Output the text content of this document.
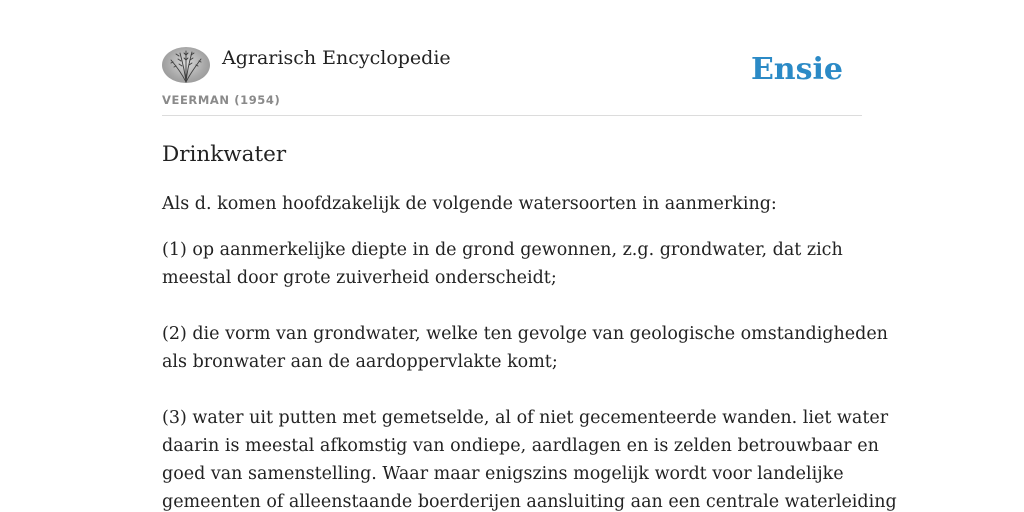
Agrarisch Encyclopedie
VEERMAN (1954)
Ensie
Drinkwater

Als d. komen hoofdzakelijk de volgende watersoorten in aanmerking:

(1) op aanmerkelijke diepte in de grond gewonnen, z.g. grondwater, dat zich
meestal door grote zuiverheid onderscheidt;

(2) die vorm van grondwater, welke ten gevolge van geologische omstandigheden
als bronwater aan de aardoppervlakte komt;

(3) water uit putten met gemetselde, al of niet gecementeerde wanden. liet water
daarin is meestal afkomstig van ondiepe, aardlagen en is zelden betrouwbaar en
goed van samenstelling. Waar maar enigszins mogelijk wordt voor landelijke
gemeenten of alleenstaande boerderijen aansluiting aan een centrale waterleiding
